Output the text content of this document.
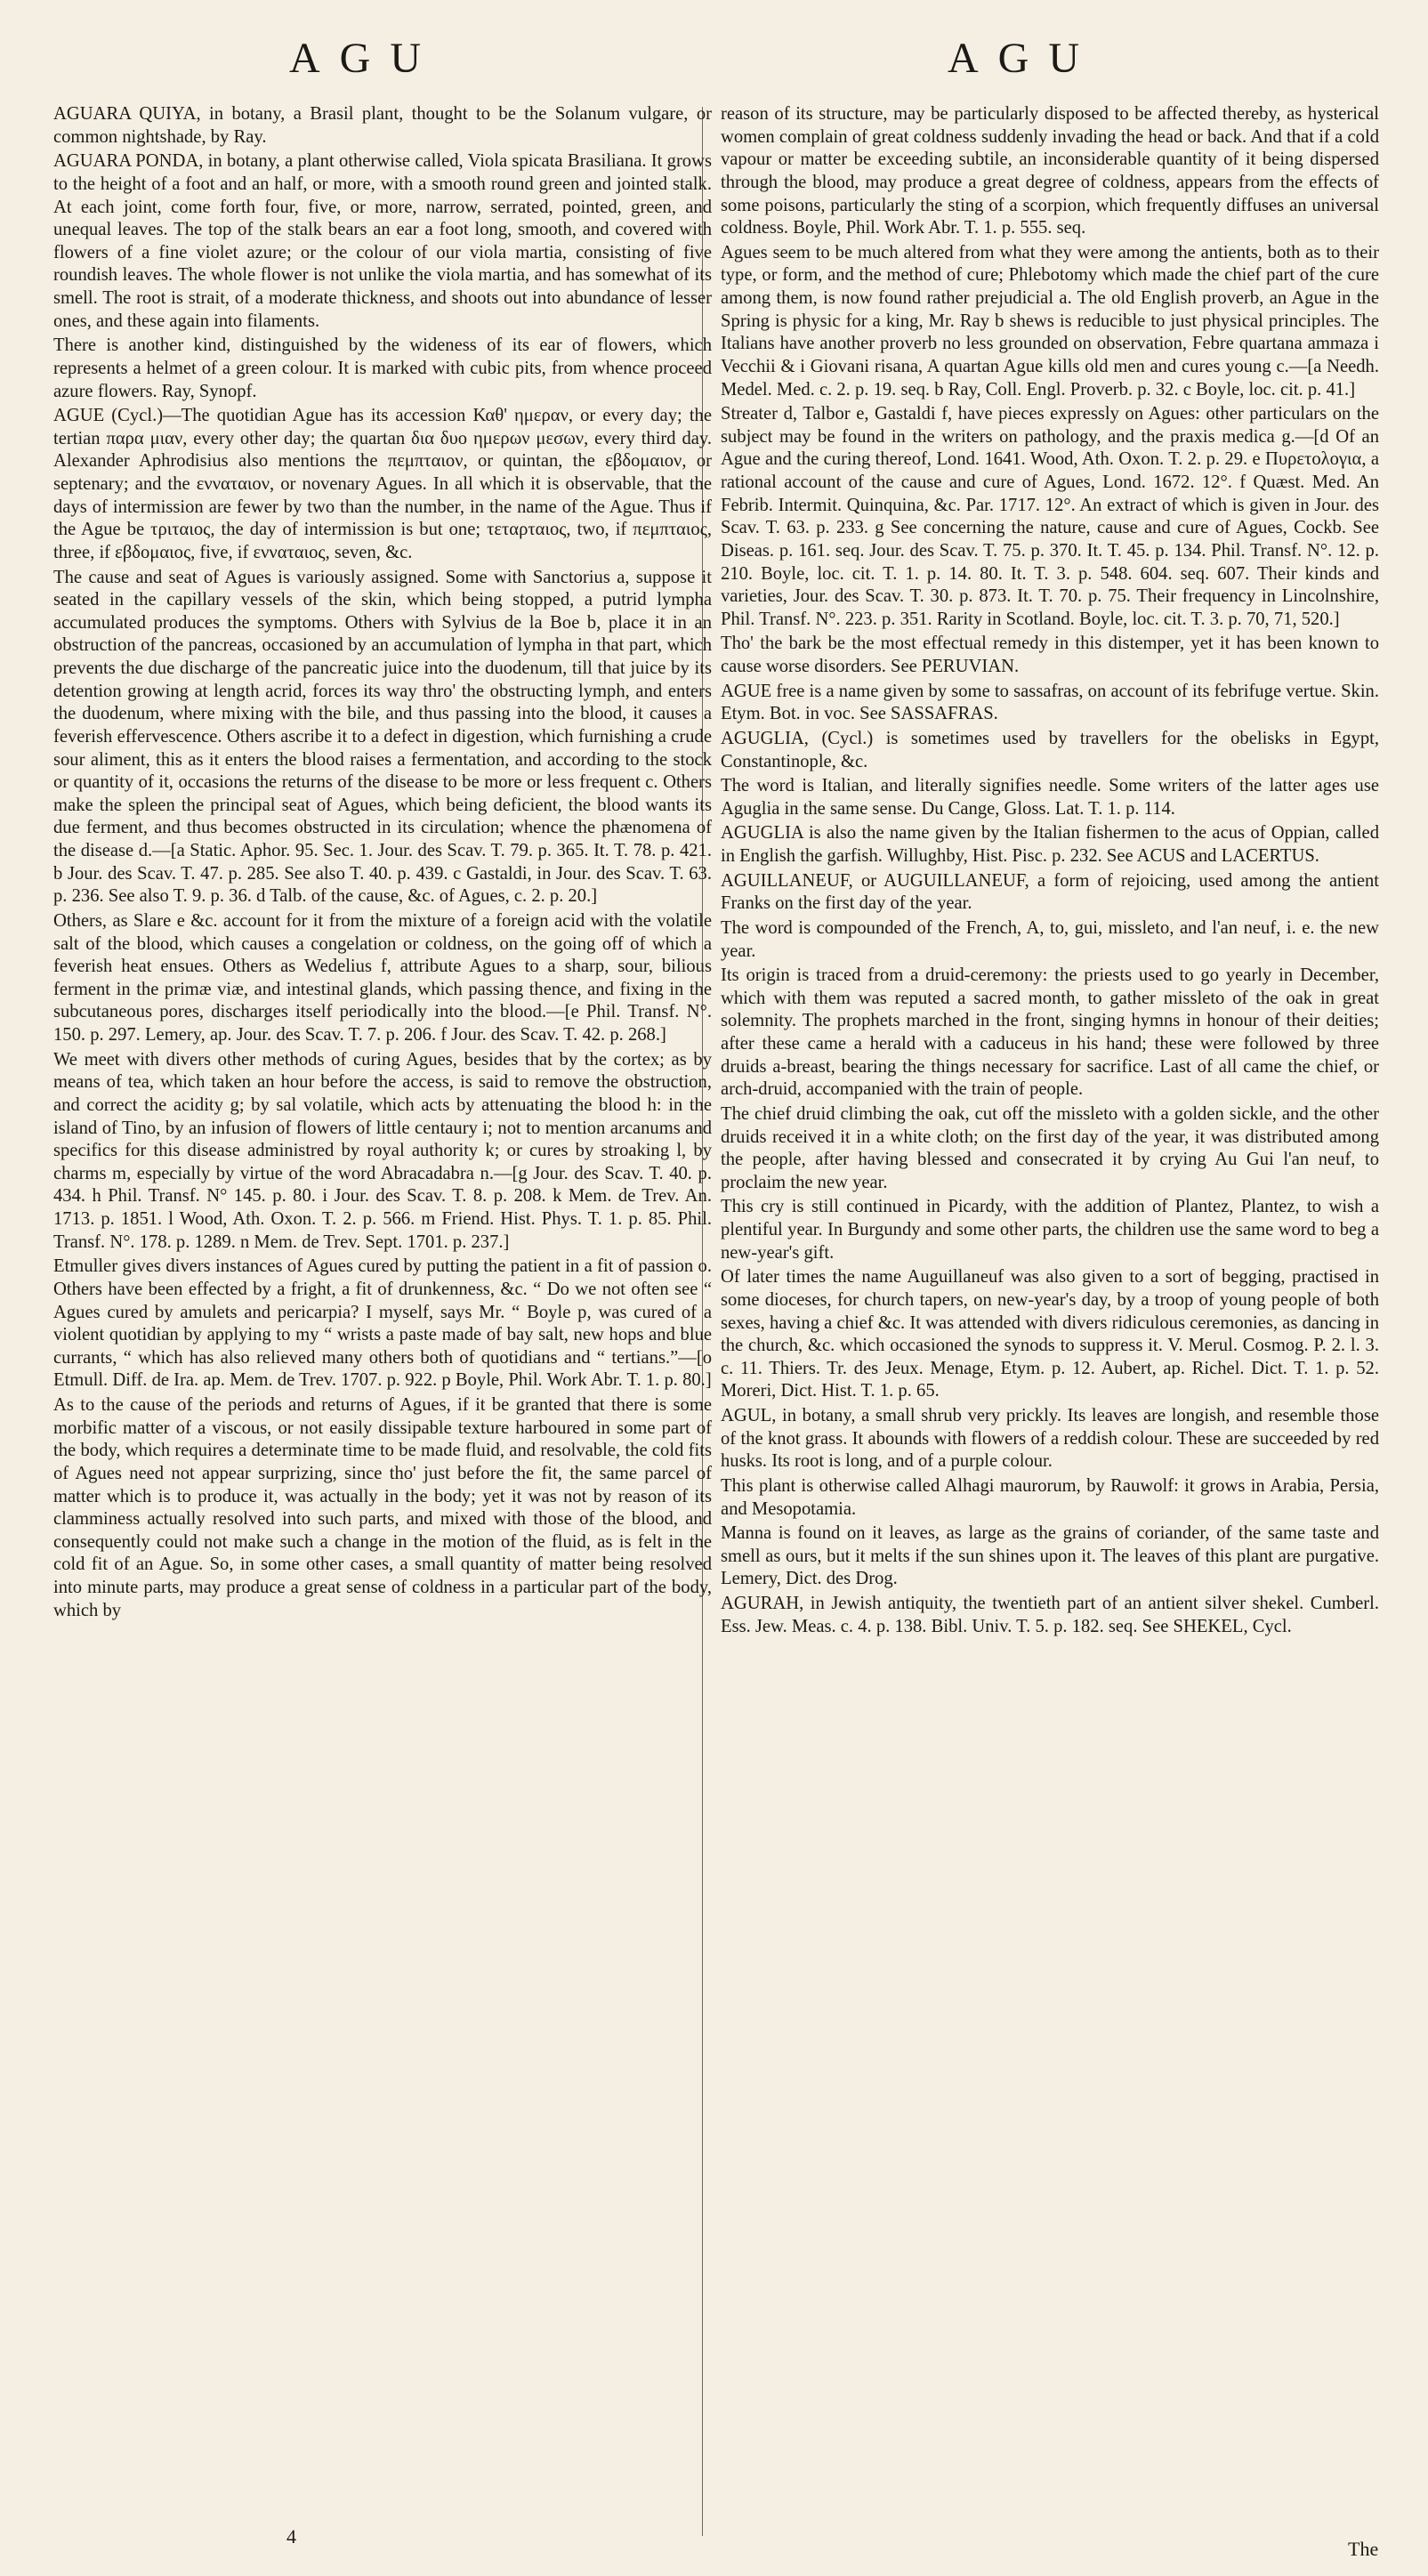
AGU	AGU

AGUARA QUIYA, in botany, a Brasil plant, thought to be the Solanum vulgare, or common nightshade, by Ray.

AGUARA PONDA, in botany, a plant otherwise called, Viola spicata Brasiliana. It grows to the height of a foot and an half, or more, with a smooth round green and jointed stalk. At each joint, come forth four, five, or more, narrow, serrated, pointed, green, and unequal leaves. The top of the stalk bears an ear a foot long, smooth, and covered with flowers of a fine violet azure; or the colour of our viola martia, consisting of five roundish leaves. The whole flower is not unlike the viola martia, and has somewhat of its smell. The root is strait, of a moderate thickness, and shoots out into abundance of lesser ones, and these again into filaments.

There is another kind, distinguished by the wideness of its ear of flowers, which represents a helmet of a green colour. It is marked with cubic pits, from whence proceed azure flowers. Ray, Synopf.

AGUE (Cycl.)—The quotidian Ague has its accession Καθ' ημεραν, or every day; the tertian παρα μιαν, every other day; the quartan δια δυο ημερων μεσων, every third day. Alexander Aphrodisius also mentions the πεμπταιον, or quintan, the εβδομαιον, or septenary; and the ενναταιον, or novenary Agues. In all which it is observable, that the days of intermission are fewer by two than the number, in the name of the Ague. Thus if the Ague be τριταιος, the day of intermission is but one; τεταρταιος, two, if πεμπταιος, three, if εβδομαιος, five, if ενναταιος, seven, &c.

The cause and seat of Agues is variously assigned. Some with Sanctorius a, suppose it seated in the capillary vessels of the skin, which being stopped, a putrid lympha accumulated produces the symptoms. Others with Sylvius de la Boe b, place it in an obstruction of the pancreas, occasioned by an accumulation of lympha in that part, which prevents the due discharge of the pancreatic juice into the duodenum, till that juice by its detention growing at length acrid, forces its way thro' the obstructing lymph, and enters the duodenum, where mixing with the bile, and thus passing into the blood, it causes a feverish effervescence. Others ascribe it to a defect in digestion, which furnishing a crude sour aliment, this as it enters the blood raises a fermentation, and according to the stock or quantity of it, occasions the returns of the disease to be more or less frequent c. Others make the spleen the principal seat of Agues, which being deficient, the blood wants its due ferment, and thus becomes obstructed in its circulation; whence the phænomena of the disease d.—[a Static. Aphor. 95. Sec. 1. Jour. des Scav. T. 79. p. 365. It. T. 78. p. 421. b Jour. des Scav. T. 47. p. 285. See also T. 40. p. 439. c Gastaldi, in Jour. des Scav. T. 63. p. 236. See also T. 9. p. 36. d Talb. of the cause, &c. of Agues, c. 2. p. 20.]

Others, as Slare e &c. account for it from the mixture of a foreign acid with the volatile salt of the blood, which causes a congelation or coldness, on the going off of which a feverish heat ensues. Others as Wedelius f, attribute Agues to a sharp, sour, bilious ferment in the primæ viæ, and intestinal glands, which passing thence, and fixing in the subcutaneous pores, discharges itself periodically into the blood.—[e Phil. Transf. N°. 150. p. 297. Lemery, ap. Jour. des Scav. T. 7. p. 206. f Jour. des Scav. T. 42. p. 268.]

We meet with divers other methods of curing Agues, besides that by the cortex; as by means of tea, which taken an hour before the access, is said to remove the obstruction, and correct the acidity g; by sal volatile, which acts by attenuating the blood h: in the island of Tino, by an infusion of flowers of little centaury i; not to mention arcanums and specifics for this disease administred by royal authority k; or cures by stroaking l, by charms m, especially by virtue of the word Abracadabra n.—[g Jour. des Scav. T. 40. p. 434. h Phil. Transf. N° 145. p. 80. i Jour. des Scav. T. 8. p. 208. k Mem. de Trev. An. 1713. p. 1851. l Wood, Ath. Oxon. T. 2. p. 566. m Friend. Hist. Phys. T. 1. p. 85. Phil. Transf. N°. 178. p. 1289. n Mem. de Trev. Sept. 1701. p. 237.]

Etmuller gives divers instances of Agues cured by putting the patient in a fit of passion o. Others have been effected by a fright, a fit of drunkenness, &c. “ Do we not often see “ Agues cured by amulets and pericarpia? I myself, says Mr. “ Boyle p, was cured of a violent quotidian by applying to my “ wrists a paste made of bay salt, new hops and blue currants, “ which has also relieved many others both of quotidians and “ tertians.”—[o Etmull. Diff. de Ira. ap. Mem. de Trev. 1707. p. 922. p Boyle, Phil. Work Abr. T. 1. p. 80.]

As to the cause of the periods and returns of Agues, if it be granted that there is some morbific matter of a viscous, or not easily dissipable texture harboured in some part of the body, which requires a determinate time to be made fluid, and resolvable, the cold fits of Agues need not appear surprizing, since tho' just before the fit, the same parcel of matter which is to produce it, was actually in the body; yet it was not by reason of its clamminess actually resolved into such parts, and mixed with those of the blood, and consequently could not make such a change in the motion of the fluid, as is felt in the cold fit of an Ague. So, in some other cases, a small quantity of matter being resolved into minute parts, may produce a great sense of coldness in a particular part of the body, which by

reason of its structure, may be particularly disposed to be affected thereby, as hysterical women complain of great coldness suddenly invading the head or back. And that if a cold vapour or matter be exceeding subtile, an inconsiderable quantity of it being dispersed through the blood, may produce a great degree of coldness, appears from the effects of some poisons, particularly the sting of a scorpion, which frequently diffuses an universal coldness. Boyle, Phil. Work Abr. T. 1. p. 555. seq.

Agues seem to be much altered from what they were among the antients, both as to their type, or form, and the method of cure; Phlebotomy which made the chief part of the cure among them, is now found rather prejudicial a. The old English proverb, an Ague in the Spring is physic for a king, Mr. Ray b shews is reducible to just physical principles. The Italians have another proverb no less grounded on observation, Febre quartana ammaza i Vecchii & i Giovani risana, A quartan Ague kills old men and cures young c.—[a Needh. Medel. Med. c. 2. p. 19. seq. b Ray, Coll. Engl. Proverb. p. 32. c Boyle, loc. cit. p. 41.]

Streater d, Talbor e, Gastaldi f, have pieces expressly on Agues: other particulars on the subject may be found in the writers on pathology, and the praxis medica g.—[d Of an Ague and the curing thereof, Lond. 1641. Wood, Ath. Oxon. T. 2. p. 29. e Πυρετολογια, a rational account of the cause and cure of Agues, Lond. 1672. 12°. f Quæst. Med. An Febrib. Intermit. Quinquina, &c. Par. 1717. 12°. An extract of which is given in Jour. des Scav. T. 63. p. 233. g See concerning the nature, cause and cure of Agues, Cockb. See Diseas. p. 161. seq. Jour. des Scav. T. 75. p. 370. It. T. 45. p. 134. Phil. Transf. N°. 12. p. 210. Boyle, loc. cit. T. 1. p. 14. 80. It. T. 3. p. 548. 604. seq. 607. Their kinds and varieties, Jour. des Scav. T. 30. p. 873. It. T. 70. p. 75. Their frequency in Lincolnshire, Phil. Transf. N°. 223. p. 351. Rarity in Scotland. Boyle, loc. cit. T. 3. p. 70, 71, 520.]

Tho' the bark be the most effectual remedy in this distemper, yet it has been known to cause worse disorders. See PERUVIAN.

AGUE free is a name given by some to sassafras, on account of its febrifuge vertue. Skin. Etym. Bot. in voc. See SASSAFRAS.

AGUGLIA, (Cycl.) is sometimes used by travellers for the obelisks in Egypt, Constantinople, &c.

The word is Italian, and literally signifies needle. Some writers of the latter ages use Aguglia in the same sense. Du Cange, Gloss. Lat. T. 1. p. 114.

AGUGLIA is also the name given by the Italian fishermen to the acus of Oppian, called in English the garfish. Willughby, Hist. Pisc. p. 232. See ACUS and LACERTUS.

AGUILLANEUF, or AUGUILLANEUF, a form of rejoicing, used among the antient Franks on the first day of the year.

The word is compounded of the French, A, to, gui, missleto, and l'an neuf, i. e. the new year.

Its origin is traced from a druid-ceremony: the priests used to go yearly in December, which with them was reputed a sacred month, to gather missleto of the oak in great solemnity. The prophets marched in the front, singing hymns in honour of their deities; after these came a herald with a caduceus in his hand; these were followed by three druids a-breast, bearing the things necessary for sacrifice. Last of all came the chief, or arch-druid, accompanied with the train of people.

The chief druid climbing the oak, cut off the missleto with a golden sickle, and the other druids received it in a white cloth; on the first day of the year, it was distributed among the people, after having blessed and consecrated it by crying Au Gui l'an neuf, to proclaim the new year.

This cry is still continued in Picardy, with the addition of Plantez, Plantez, to wish a plentiful year. In Burgundy and some other parts, the children use the same word to beg a new-year's gift.

Of later times the name Auguillaneuf was also given to a sort of begging, practised in some dioceses, for church tapers, on new-year's day, by a troop of young people of both sexes, having a chief &c. It was attended with divers ridiculous ceremonies, as dancing in the church, &c. which occasioned the synods to suppress it. V. Merul. Cosmog. P. 2. l. 3. c. 11. Thiers. Tr. des Jeux. Menage, Etym. p. 12. Aubert, ap. Richel. Dict. T. 1. p. 52. Moreri, Dict. Hist. T. 1. p. 65.

AGUL, in botany, a small shrub very prickly. Its leaves are longish, and resemble those of the knot grass. It abounds with flowers of a reddish colour. These are succeeded by red husks. Its root is long, and of a purple colour.

This plant is otherwise called Alhagi maurorum, by Rauwolf: it grows in Arabia, Persia, and Mesopotamia.

Manna is found on it leaves, as large as the grains of coriander, of the same taste and smell as ours, but it melts if the sun shines upon it. The leaves of this plant are purgative. Lemery, Dict. des Drog.

AGURAH, in Jewish antiquity, the twentieth part of an antient silver shekel. Cumberl. Ess. Jew. Meas. c. 4. p. 138. Bibl. Univ. T. 5. p. 182. seq. See SHEKEL, Cycl.

4
The
